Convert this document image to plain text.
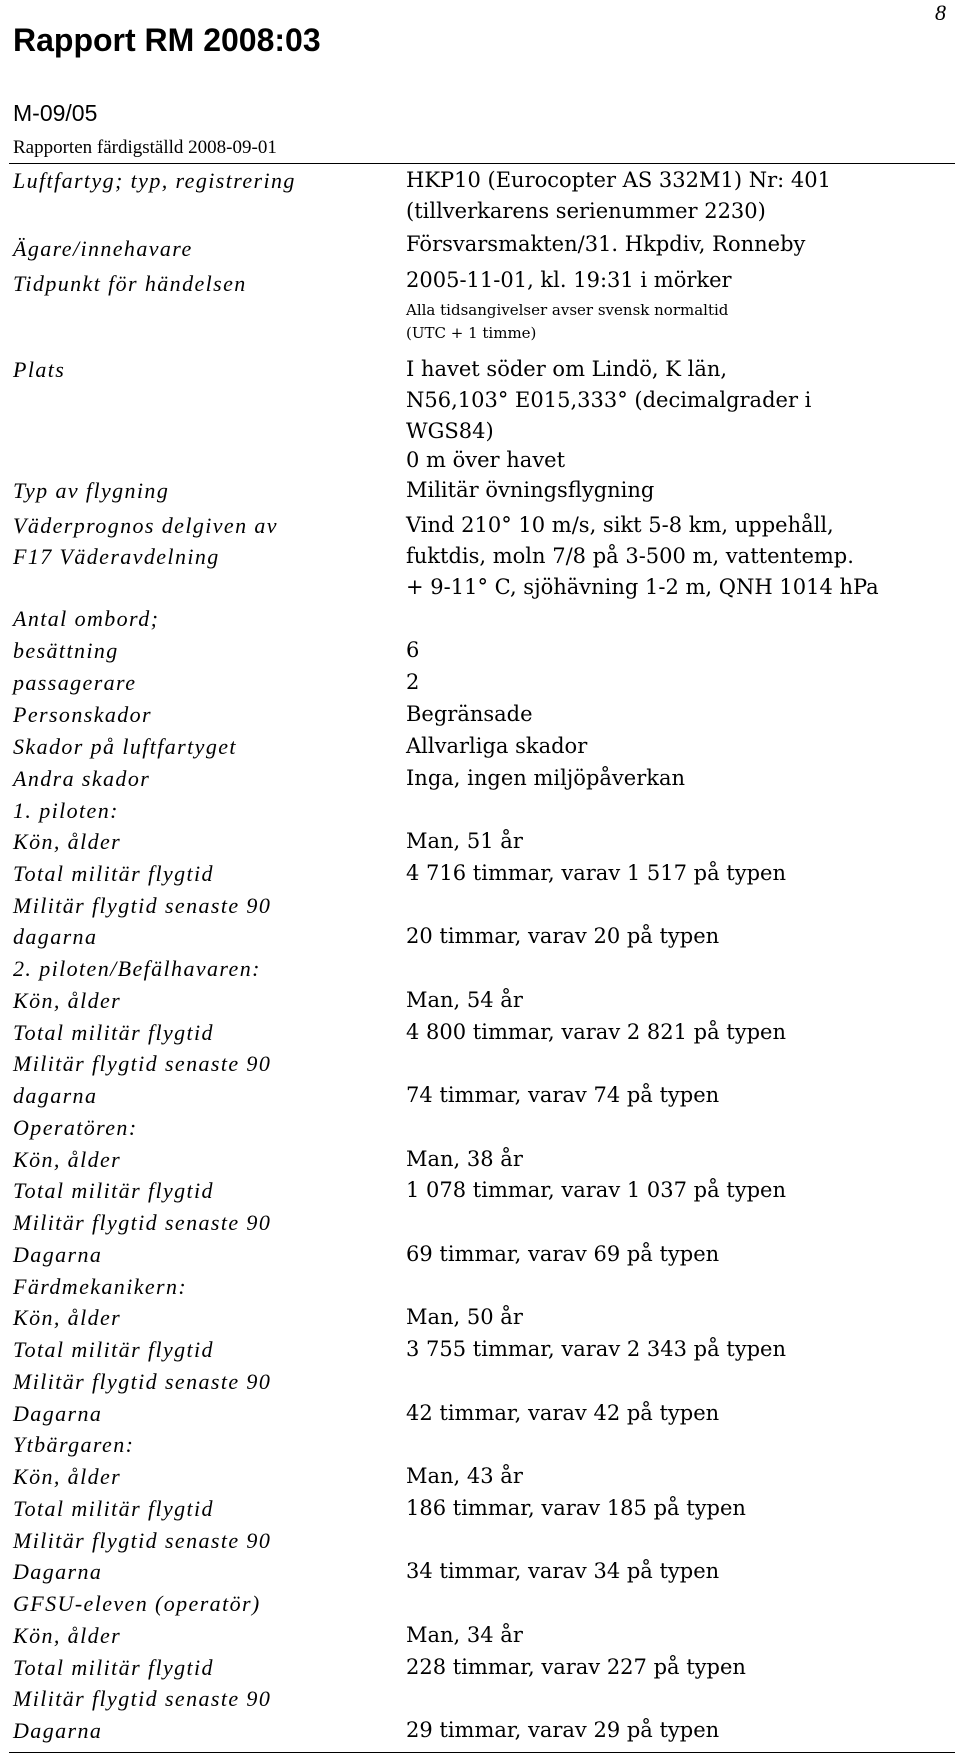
8
Rapport RM 2008:03
M-09/05
Rapporten färdigställd 2008-09-01
Luftfartyg; typ, registrering	HKP10 (Eurocopter AS 332M1) Nr: 401
(tillverkarens serienummer 2230)
Ägare/innehavare	Försvarsmakten/31. Hkpdiv, Ronneby
Tidpunkt för händelsen	2005-11-01, kl. 19:31 i mörker
Alla tidsangivelser avser svensk normaltid
(UTC + 1 timme)
Plats	I havet söder om Lindö, K län,
N56,103° E015,333° (decimalgrader i
WGS84)
0 m över havet
Typ av flygning	Militär övningsflygning
Väderprognos delgiven av	Vind 210° 10 m/s, sikt 5-8 km, uppehåll,
F17 Väderavdelning	fuktdis, moln 7/8 på 3-500 m, vattentemp.
+ 9-11° C, sjöhävning 1-2 m, QNH 1014 hPa
Antal ombord;
besättning	6
passagerare	2
Personskador	Begränsade
Skador på luftfartyget	Allvarliga skador
Andra skador	Inga, ingen miljöpåverkan
1. piloten:
Kön, ålder	Man, 51 år
Total militär flygtid	4 716 timmar, varav 1 517 på typen
Militär flygtid senaste 90
dagarna	20 timmar, varav 20 på typen
2. piloten/Befälhavaren:
Kön, ålder	Man, 54 år
Total militär flygtid	4 800 timmar, varav 2 821 på typen
Militär flygtid senaste 90
dagarna	74 timmar, varav 74 på typen
Operatören:
Kön, ålder	Man, 38 år
Total militär flygtid	1 078 timmar, varav 1 037 på typen
Militär flygtid senaste 90
Dagarna	69 timmar, varav 69 på typen
Färdmekanikern:
Kön, ålder	Man, 50 år
Total militär flygtid	3 755 timmar, varav 2 343 på typen
Militär flygtid senaste 90
Dagarna	42 timmar, varav 42 på typen
Ytbärgaren:
Kön, ålder	Man, 43 år
Total militär flygtid	186 timmar, varav 185 på typen
Militär flygtid senaste 90
Dagarna	34 timmar, varav 34 på typen
GFSU-eleven (operatör)
Kön, ålder	Man, 34 år
Total militär flygtid	228 timmar, varav 227 på typen
Militär flygtid senaste 90
Dagarna	29 timmar, varav 29 på typen
